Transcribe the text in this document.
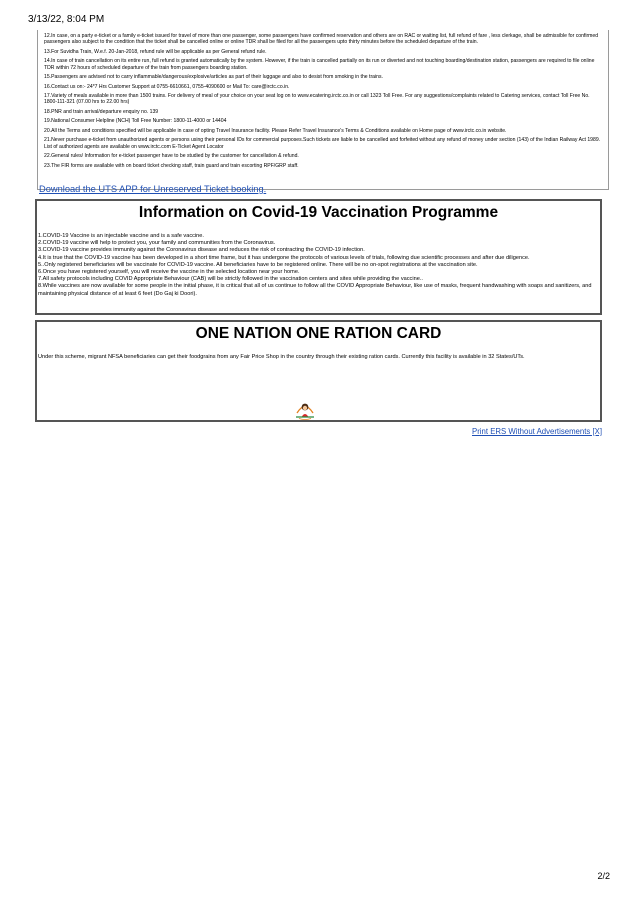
3/13/22, 8:04 PM
12.In case, on a party e-ticket or a family e-ticket issued for travel of more than one passenger, some passengers have confirmed reservation and others are on RAC or waiting list, full refund of fare , less clerkage, shall be admissible for confirmed passengers also subject to the condition that the ticket shall be cancelled online or online TDR shall be filed for all the passengers upto thirty minutes before the scheduled departure of the train.
13.For Suvidha Train, W.e.f. 20-Jan-2018, refund rule will be applicable as per General refund rule.
14.In case of train cancellation on its entire run, full refund is granted automatically by the system. However, if the train is cancelled partially on its run or diverted and not touching boarding/destination station, passengers are required to file online TDR within 72 hours of scheduled departure of the train from passengers boarding station.
15.Passengers are advised not to carry inflammable/dangerous/explosive/articles as part of their luggage and also to desist from smoking in the trains.
16.Contact us on:- 24*7 Hrs Customer Support at 0755-6610661, 0755-4090600 or Mail To: care@irctc.co.in.
17.Variety of meals available in more than 1500 trains. For delivery of meal of your choice on your seat log on to www.ecatering.irctc.co.in or call 1323 Toll Free. For any suggestions/complaints related to Catering services, contact Toll Free No. 1800-111-321 (07.00 hrs to 22.00 hrs)
18.PNR and train arrival/departure enquiry no. 139
19.National Consumer Helpline (NCH) Toll Free Number: 1800-11-4000 or 14404
20.All the Terms and conditions specified will be applicable in case of opting Travel Insurance facility. Please Refer Travel Insurance's Terms & Conditions available on Home page of www.irctc.co.in website.
21.Never purchase e-ticket from unauthorized agents or persons using their personal IDs for commercial purposes.Such tickets are liable to be cancelled and forfeited without any refund of money under section (143) of the Indian Railway Act 1989. List of authorized agents are available on www.irctc.com E-Ticket Agent Locator
22.General rules/ Information for e-ticket passenger have to be studied by the customer for cancellation & refund.
23.The FIR forms are available with on board ticket checking staff, train guard and train escorting RPF/GRP staff.
Download the UTS APP for Unreserved Ticket booking.
Information on Covid-19 Vaccination Programme
1.COVID-19 Vaccine is an injectable vaccine and is a safe vaccine.
2.COVID-19 vaccine will help to protect you, your family and communities from the Coronavirus.
3.COVID-19 vaccine provides immunity against the Coronavirus disease and reduces the risk of contracting the COVID-19 infection.
4.It is true that the COVID-19 vaccine has been developed in a short time frame, but it has undergone the protocols of various levels of trials, following due scientific processes and after due diligence.
5..Only registered beneficiaries will be vaccinate for COVID-19 vaccine. All beneficiaries have to be registered online. There will be no on-spot registrations at the vaccination site.
6.Once you have registered yourself, you will receive the vaccine in the selected location near your home.
7.All safety protocols including COVID Appropriate Behaviour (CAB) will be strictly followed in the vaccination centers and sites while providing the vaccine..
8.While vaccines are now available for some people in the initial phase, it is critical that all of us continue to follow all the COVID Appropriate Behaviour, like use of masks, frequent handwashing with soaps and sanitizers, and maintaining physical distance of at least 6 feet (Do Gaj ki Doori).
ONE NATION ONE RATION CARD
Under this scheme, migrant NFSA beneficiaries can get their foodgrains from any Fair Price Shop in the country through their existing ration cards. Currently this facility is available in 32 States/UTs.
Print ERS Without Advertisements [X]
2/2
